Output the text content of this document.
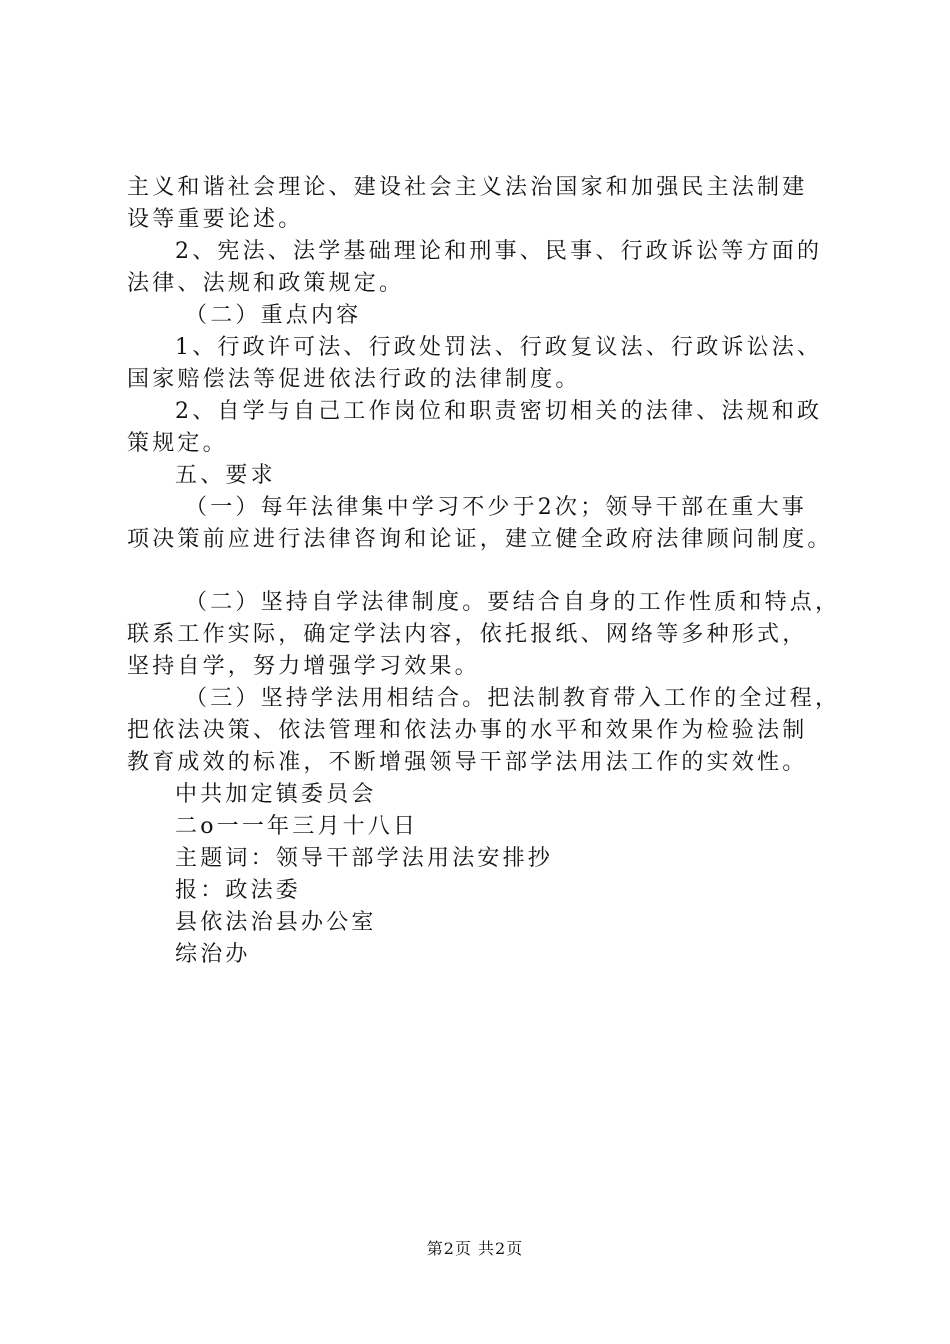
主义和谐社会理论、建设社会主义法治国家和加强民主法制建
设等重要论述。
2、宪法、法学基础理论和刑事、民事、行政诉讼等方面的
法律、法规和政策规定。
（二）重点内容
1、行政许可法、行政处罚法、行政复议法、行政诉讼法、
国家赔偿法等促进依法行政的法律制度。
2、自学与自己工作岗位和职责密切相关的法律、法规和政
策规定。
五、要求
（一）每年法律集中学习不少于2次；领导干部在重大事
项决策前应进行法律咨询和论证，建立健全政府法律顾问制度。
（二）坚持自学法律制度。要结合自身的工作性质和特点，
联系工作实际，确定学法内容，依托报纸、网络等多种形式，
坚持自学，努力增强学习效果。
（三）坚持学法用相结合。把法制教育带入工作的全过程，
把依法决策、依法管理和依法办事的水平和效果作为检验法制
教育成效的标准，不断增强领导干部学法用法工作的实效性。
中共加定镇委员会
二o一一年三月十八日
主题词：领导干部学法用法安排抄
报：政法委
县依法治县办公室
综治办
第2页 共2页
